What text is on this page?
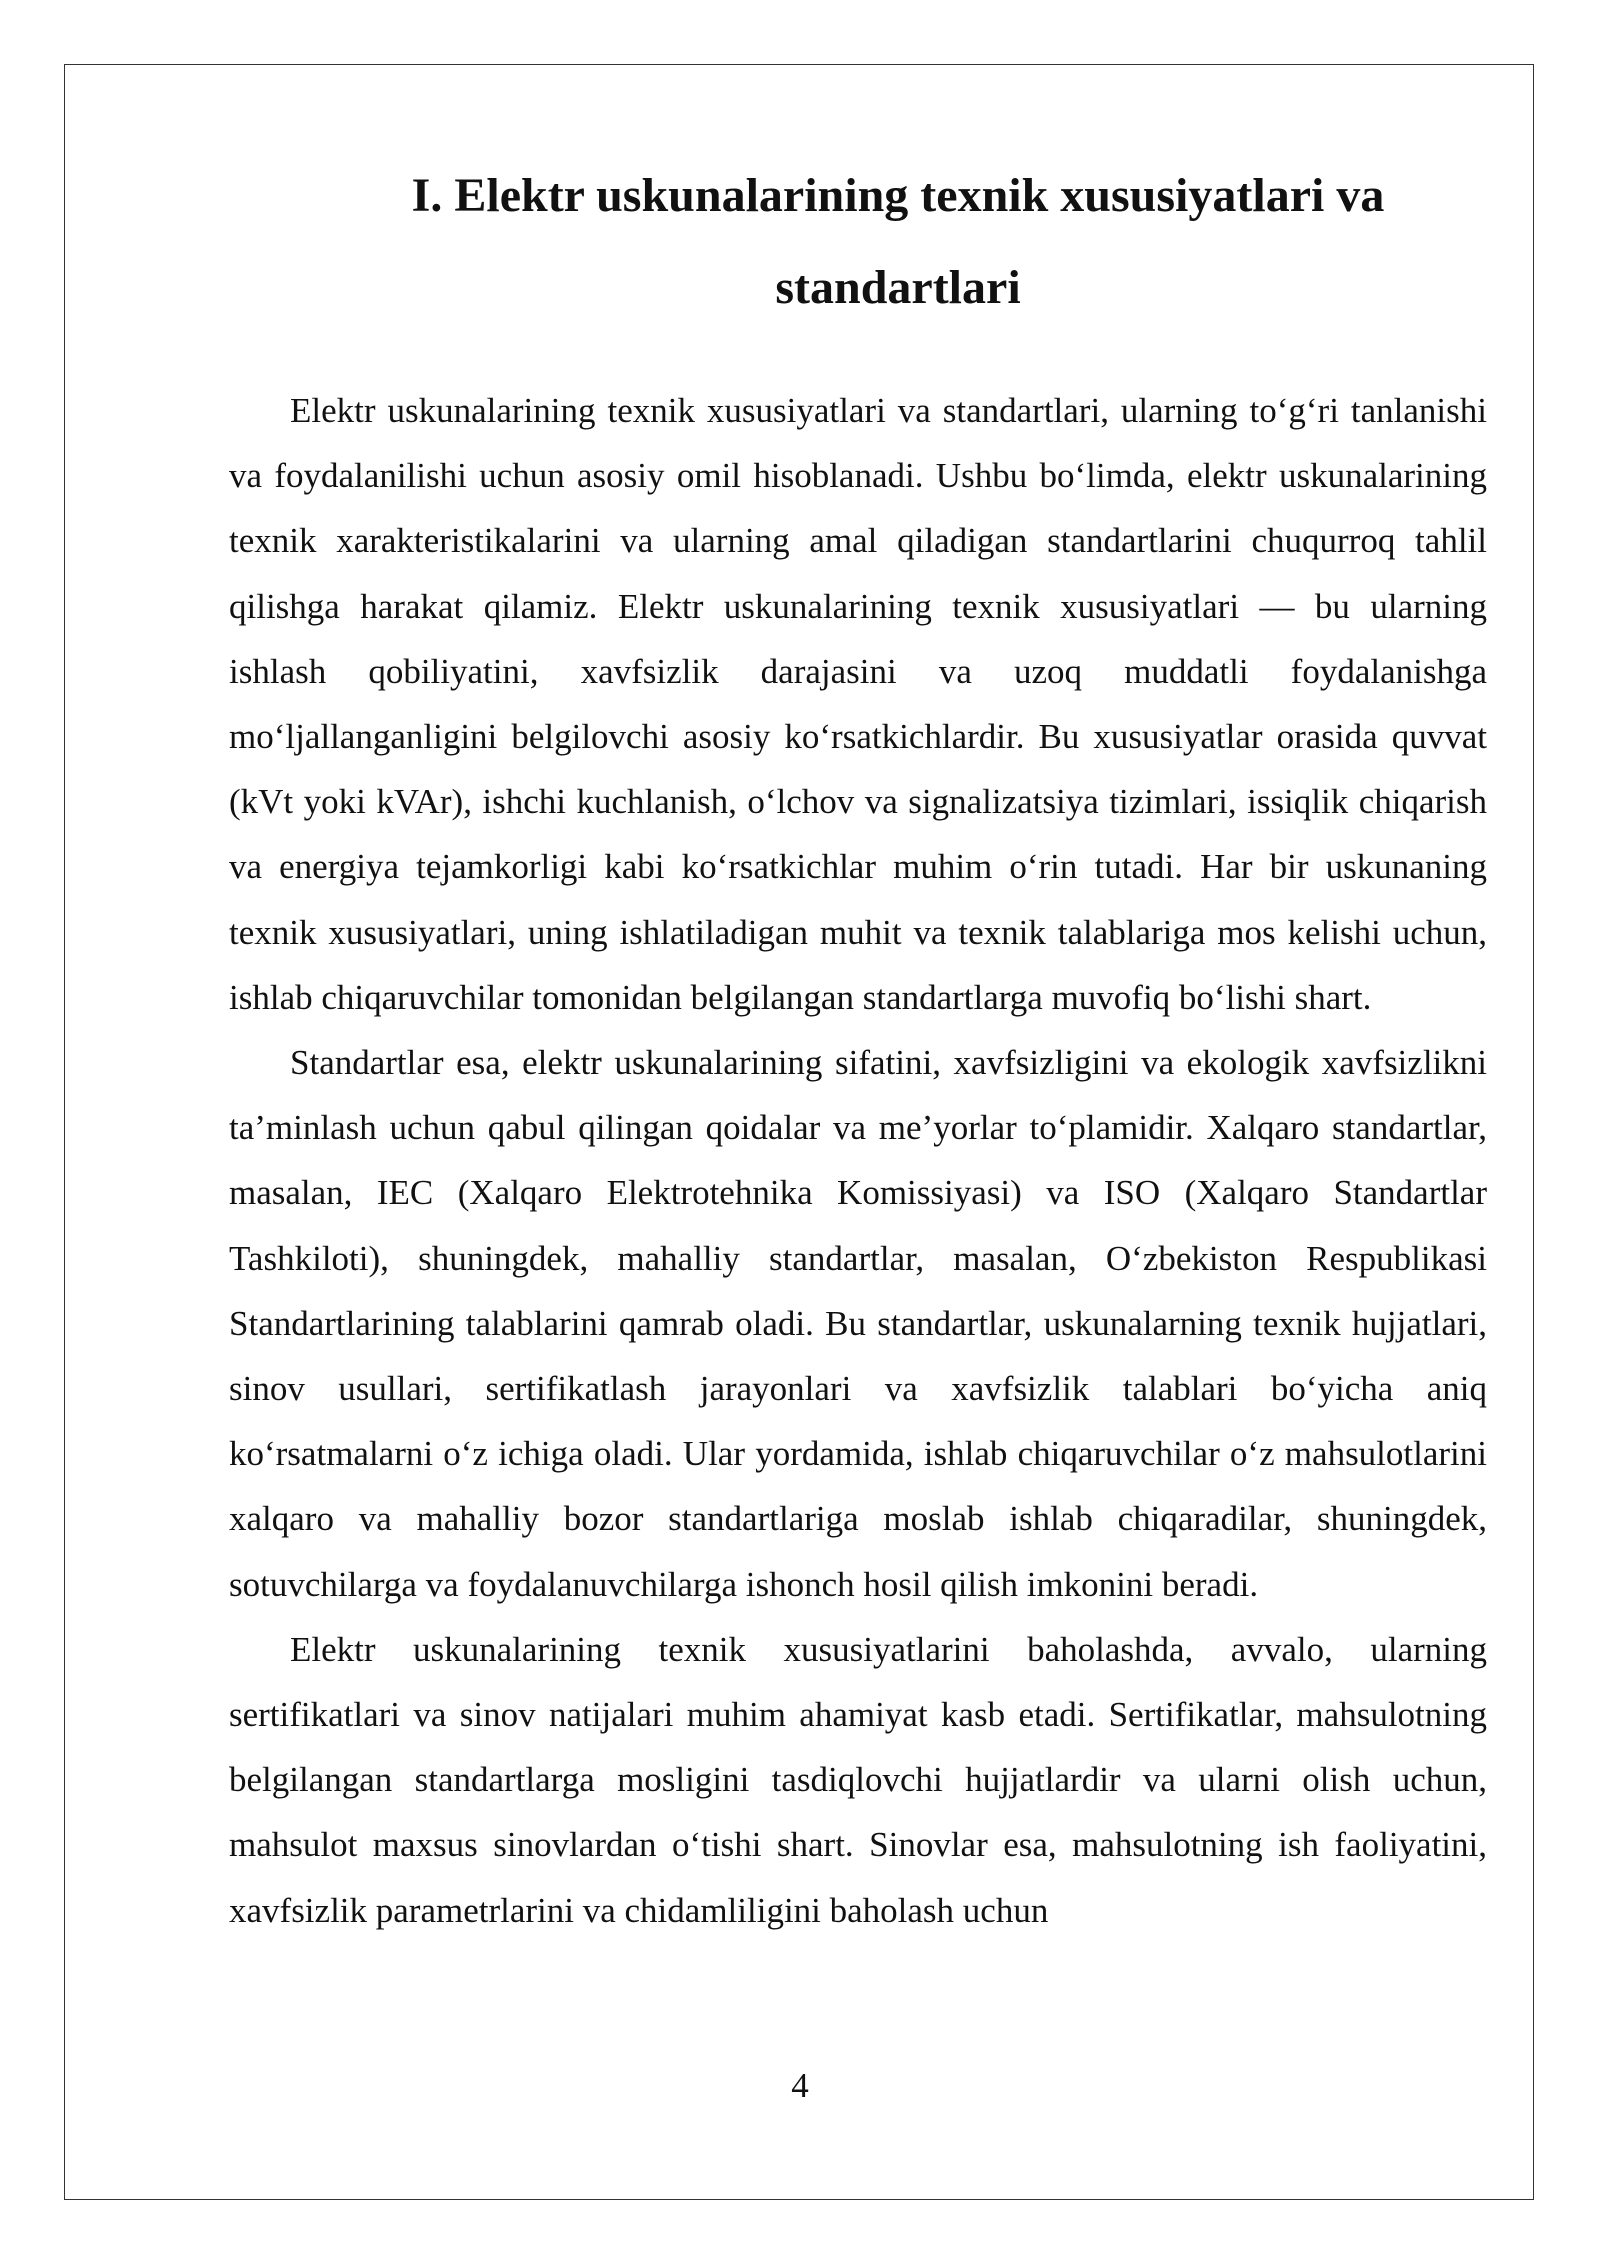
I. Elektr uskunalarining texnik xususiyatlari va standartlari

Elektr uskunalarining texnik xususiyatlari va standartlari, ularning to‘g‘ri tanlanishi va foydalanilishi uchun asosiy omil hisoblanadi. Ushbu bo‘limda, elektr uskunalarining texnik xarakteristikalarini va ularning amal qiladigan standartlarini chuqurroq tahlil qilishga harakat qilamiz. Elektr uskunalarining texnik xususiyatlari — bu ularning ishlash qobiliyatini, xavfsizlik darajasini va uzoq muddatli foydalanishga mo‘ljallanganligini belgilovchi asosiy ko‘rsatkichlardir. Bu xususiyatlar orasida quvvat (kVt yoki kVAr), ishchi kuchlanish, o‘lchov va signalizatsiya tizimlari, issiqlik chiqarish va energiya tejamkorligi kabi ko‘rsatkichlar muhim o‘rin tutadi. Har bir uskunaning texnik xususiyatlari, uning ishlatiladigan muhit va texnik talablariga mos kelishi uchun, ishlab chiqaruvchilar tomonidan belgilangan standartlarga muvofiq bo‘lishi shart.

Standartlar esa, elektr uskunalarining sifatini, xavfsizligini va ekologik xavfsizlikni ta’minlash uchun qabul qilingan qoidalar va me’yorlar to‘plamidir. Xalqaro standartlar, masalan, IEC (Xalqaro Elektrotehnika Komissiyasi) va ISO (Xalqaro Standartlar Tashkiloti), shuningdek, mahalliy standartlar, masalan, O‘zbekiston Respublikasi Standartlarining talablarini qamrab oladi. Bu standartlar, uskunalarning texnik hujjatlari, sinov usullari, sertifikatlash jarayonlari va xavfsizlik talablari bo‘yicha aniq ko‘rsatmalarni o‘z ichiga oladi. Ular yordamida, ishlab chiqaruvchilar o‘z mahsulotlarini xalqaro va mahalliy bozor standartlariga moslab ishlab chiqaradilar, shuningdek, sotuvchilarga va foydalanuvchilarga ishonch hosil qilish imkonini beradi.

Elektr uskunalarining texnik xususiyatlarini baholashda, avvalo, ularning sertifikatlari va sinov natijalari muhim ahamiyat kasb etadi. Sertifikatlar, mahsulotning belgilangan standartlarga mosligini tasdiqlovchi hujjatlardir va ularni olish uchun, mahsulot maxsus sinovlardan o‘tishi shart. Sinovlar esa, mahsulotning ish faoliyatini, xavfsizlik parametrlarini va chidamliligini baholash uchun

4
